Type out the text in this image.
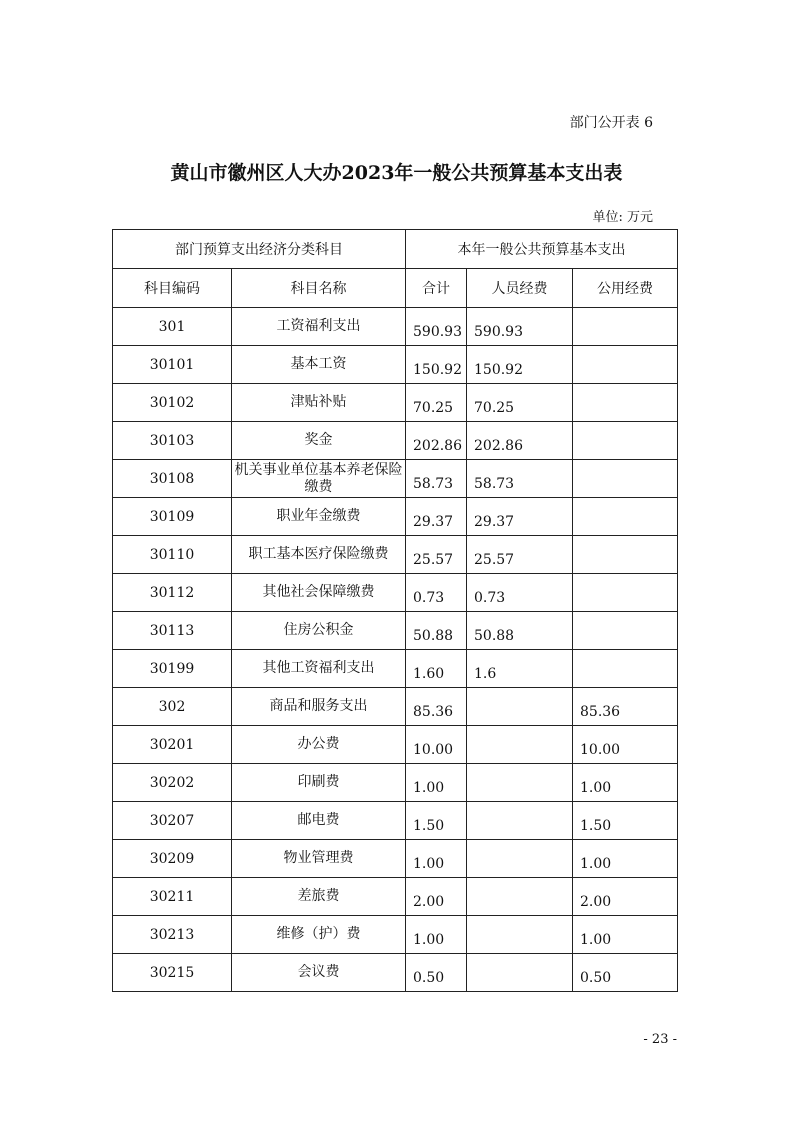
部门公开表 6
黄山市徽州区人大办2023年一般公共预算基本支出表
单位: 万元
部门预算支出经济分类科目		本年一般公共预算基本支出		
科目编码	科目名称	合计	人员经费	公用经费
301	工资福利支出	590.93	590.93	
30101	基本工资	150.92	150.92	
30102	津贴补贴	70.25	70.25	
30103	奖金	202.86	202.86	
30108	机关事业单位基本养老保险缴费	58.73	58.73	
30109	职业年金缴费	29.37	29.37	
30110	职工基本医疗保险缴费	25.57	25.57	
30112	其他社会保障缴费	0.73	0.73	
30113	住房公积金	50.88	50.88	
30199	其他工资福利支出	1.60	1.6	
302	商品和服务支出	85.36		85.36
30201	办公费	10.00		10.00
30202	印刷费	1.00		1.00
30207	邮电费	1.50		1.50
30209	物业管理费	1.00		1.00
30211	差旅费	2.00		2.00
30213	维修（护）费	1.00		1.00
30215	会议费	0.50		0.50
- 23 -
